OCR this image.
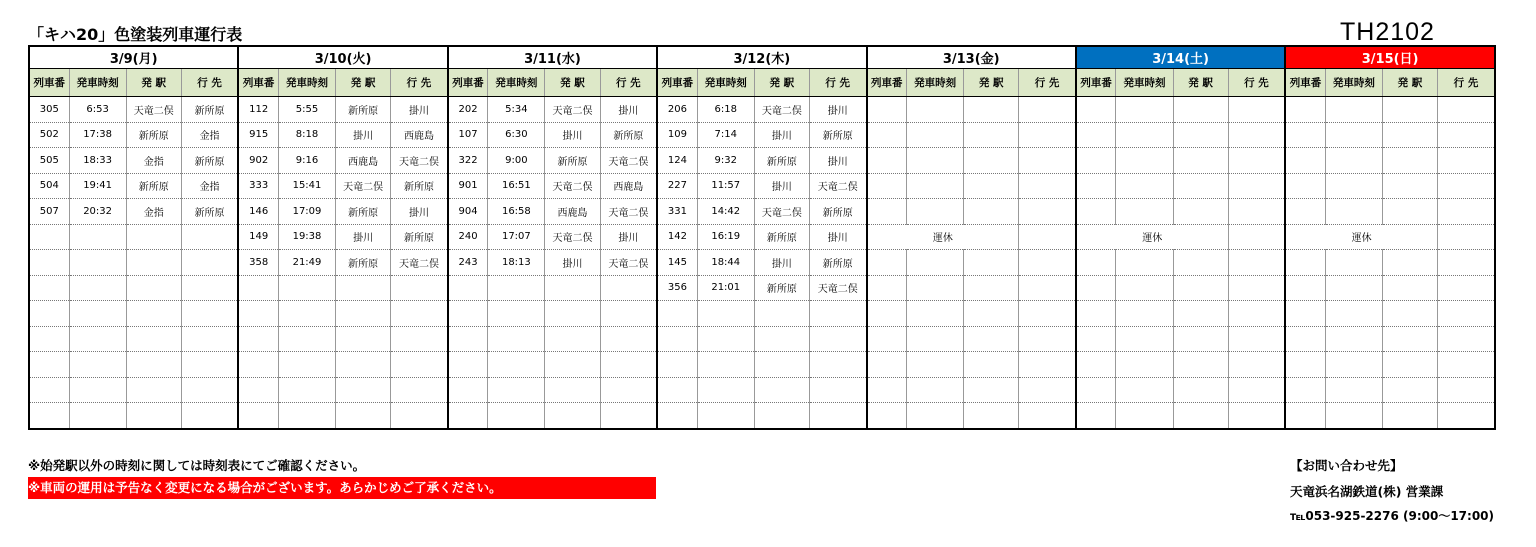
「キハ20」色塗装列車運行表	TH2102
3/9(月)				3/10(火)				3/11(水)				3/12(木)				3/13(金)				3/14(土)				3/15(日)			
列車番	発車時刻	発 駅	行 先	列車番	発車時刻	発 駅	行 先	列車番	発車時刻	発 駅	行 先	列車番	発車時刻	発 駅	行 先	列車番	発車時刻	発 駅	行 先	列車番	発車時刻	発 駅	行 先	列車番	発車時刻	発 駅	行 先
305	6:53	天竜二俣	新所原	112	5:55	新所原	掛川	202	5:34	天竜二俣	掛川	206	6:18	天竜二俣	掛川												
502	17:38	新所原	金指	915	8:18	掛川	西鹿島	107	6:30	掛川	新所原	109	7:14	掛川	新所原												
505	18:33	金指	新所原	902	9:16	西鹿島	天竜二俣	322	9:00	新所原	天竜二俣	124	9:32	新所原	掛川												
504	19:41	新所原	金指	333	15:41	天竜二俣	新所原	901	16:51	天竜二俣	西鹿島	227	11:57	掛川	天竜二俣												
507	20:32	金指	新所原	146	17:09	新所原	掛川	904	16:58	西鹿島	天竜二俣	331	14:42	天竜二俣	新所原												
				149	19:38	掛川	新所原	240	17:07	天竜二俣	掛川	142	16:19	新所原	掛川	運休				運休				運休			
				358	21:49	新所原	天竜二俣	243	18:13	掛川	天竜二俣	145	18:44	掛川	新所原												
												356	21:01	新所原	天竜二俣												

※始発駅以外の時刻に関しては時刻表にてご確認ください。
※車両の運用は予告なく変更になる場合がございます。あらかじめご了承ください。
【お問い合わせ先】
天竜浜名湖鉄道(株) 営業課
℡053-925-2276 (9:00～17:00)
